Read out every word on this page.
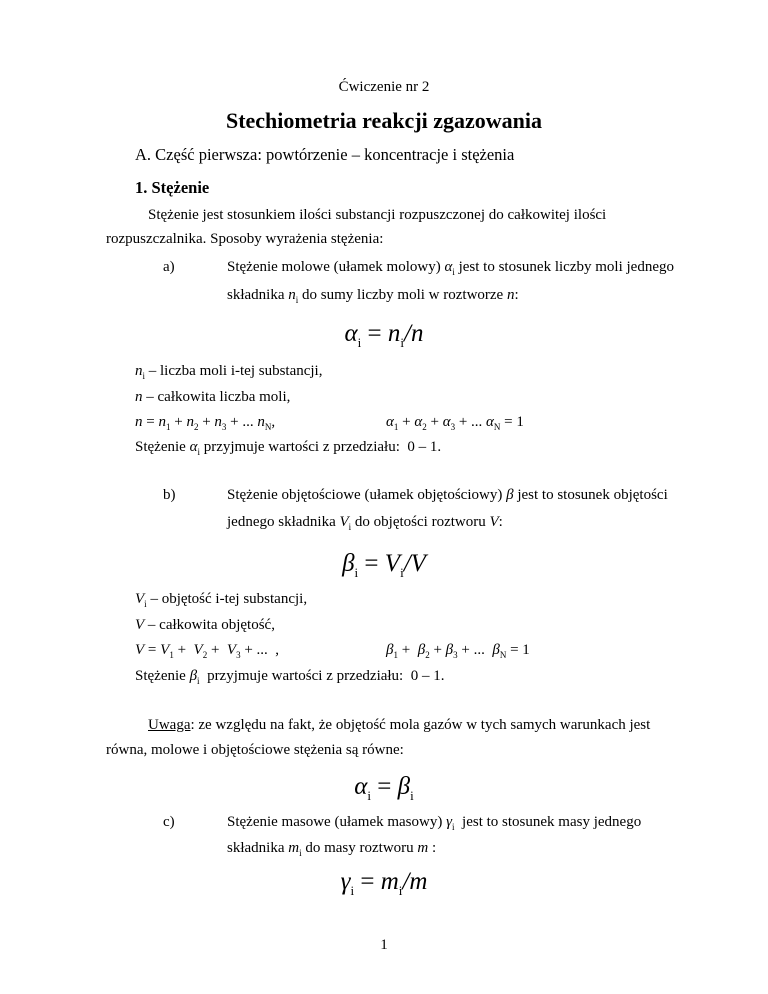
Ćwiczenie nr 2
Stechiometria reakcji zgazowania
A. Część pierwsza: powtórzenie – koncentracje i stężenia
1. Stężenie
Stężenie jest stosunkiem ilości substancji rozpuszczonej do całkowitej ilości
rozpuszczalnika. Sposoby wyrażenia stężenia:
a)	Stężenie molowe (ułamek molowy) $\alpha_i$ jest to stosunek liczby moli jednego
składnika $n_i$ do sumy liczby moli w roztworze n:
$\alpha_i = n_i/n$
$n_i$ – liczba moli i-tej substancji,
n – całkowita liczba moli,
$n = n_1 + n_2 + n_3$ + ... $n_N$,	$\alpha_1 + \alpha_2 + \alpha_3$ + ... $\alpha_N = 1$
Stężenie $\alpha_i$ przyjmuje wartości z przedziału:  0 – 1.
b)	Stężenie objętościowe (ułamek objętościowy) β jest to stosunek objętości
jednego składnika $V_i$ do objętości roztworu V:
$\beta_i = V_i/V$
$V_i$ – objętość i-tej substancji,
V – całkowita objętość,
$V = V_1 + V_2 + V_3$ + ...  ,	$\beta_1 + \beta_2 + \beta_3$ + ...  $\beta_N = 1$
Stężenie $\beta_i$  przyjmuje wartości z przedziału:  0 – 1.
Uwaga: ze względu na fakt, że objętość mola gazów w tych samych warunkach jest
równa, molowe i objętościowe stężenia są równe:
$\alpha_i = \beta_i$
c)	Stężenie masowe (ułamek masowy) $\gamma_i$  jest to stosunek masy jednego
składnika $m_i$ do masy roztworu m :
$\gamma_i = m_i/m$
1
